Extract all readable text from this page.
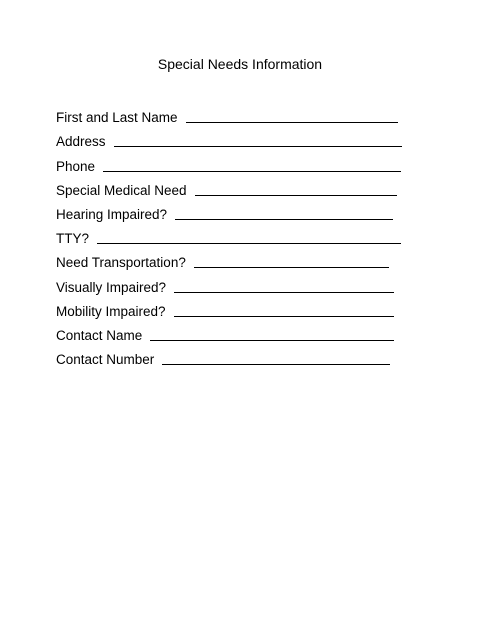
Special Needs Information
First and Last Name
Address
Phone
Special Medical Need
Hearing Impaired?
TTY?
Need Transportation?
Visually Impaired?
Mobility Impaired?
Contact Name
Contact Number
